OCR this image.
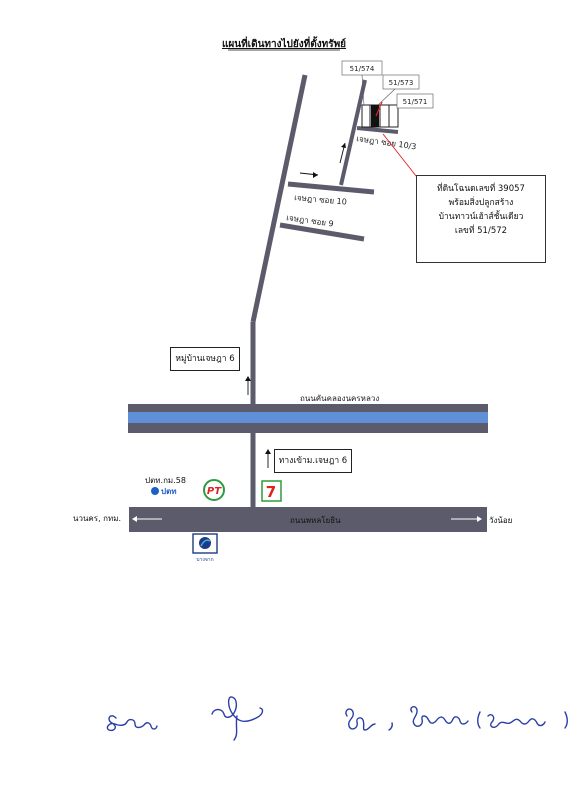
แผนที่เดินทางไปยังที่ตั้งทรัพย์
51/574
51/573
51/571
เจษฎา ซอย 10/3
เจษฎา ซอย 10
เจษฎา ซอย 9
ถนนคันคลองนครหลวง
ถนนพหลโยธิน
นวนคร, กทม.	วังน้อย
ปตท.กม.58
ปตท	PT	7
บางจาก
ที่ดินโฉนดเลขที่ 39057
พร้อมสิ่งปลูกสร้าง
บ้านทาวน์เฮ้าส์ชั้นเดียว
เลขที่ 51/572
หมู่บ้านเจษฎา 6
ทางเข้าม.เจษฎา 6
